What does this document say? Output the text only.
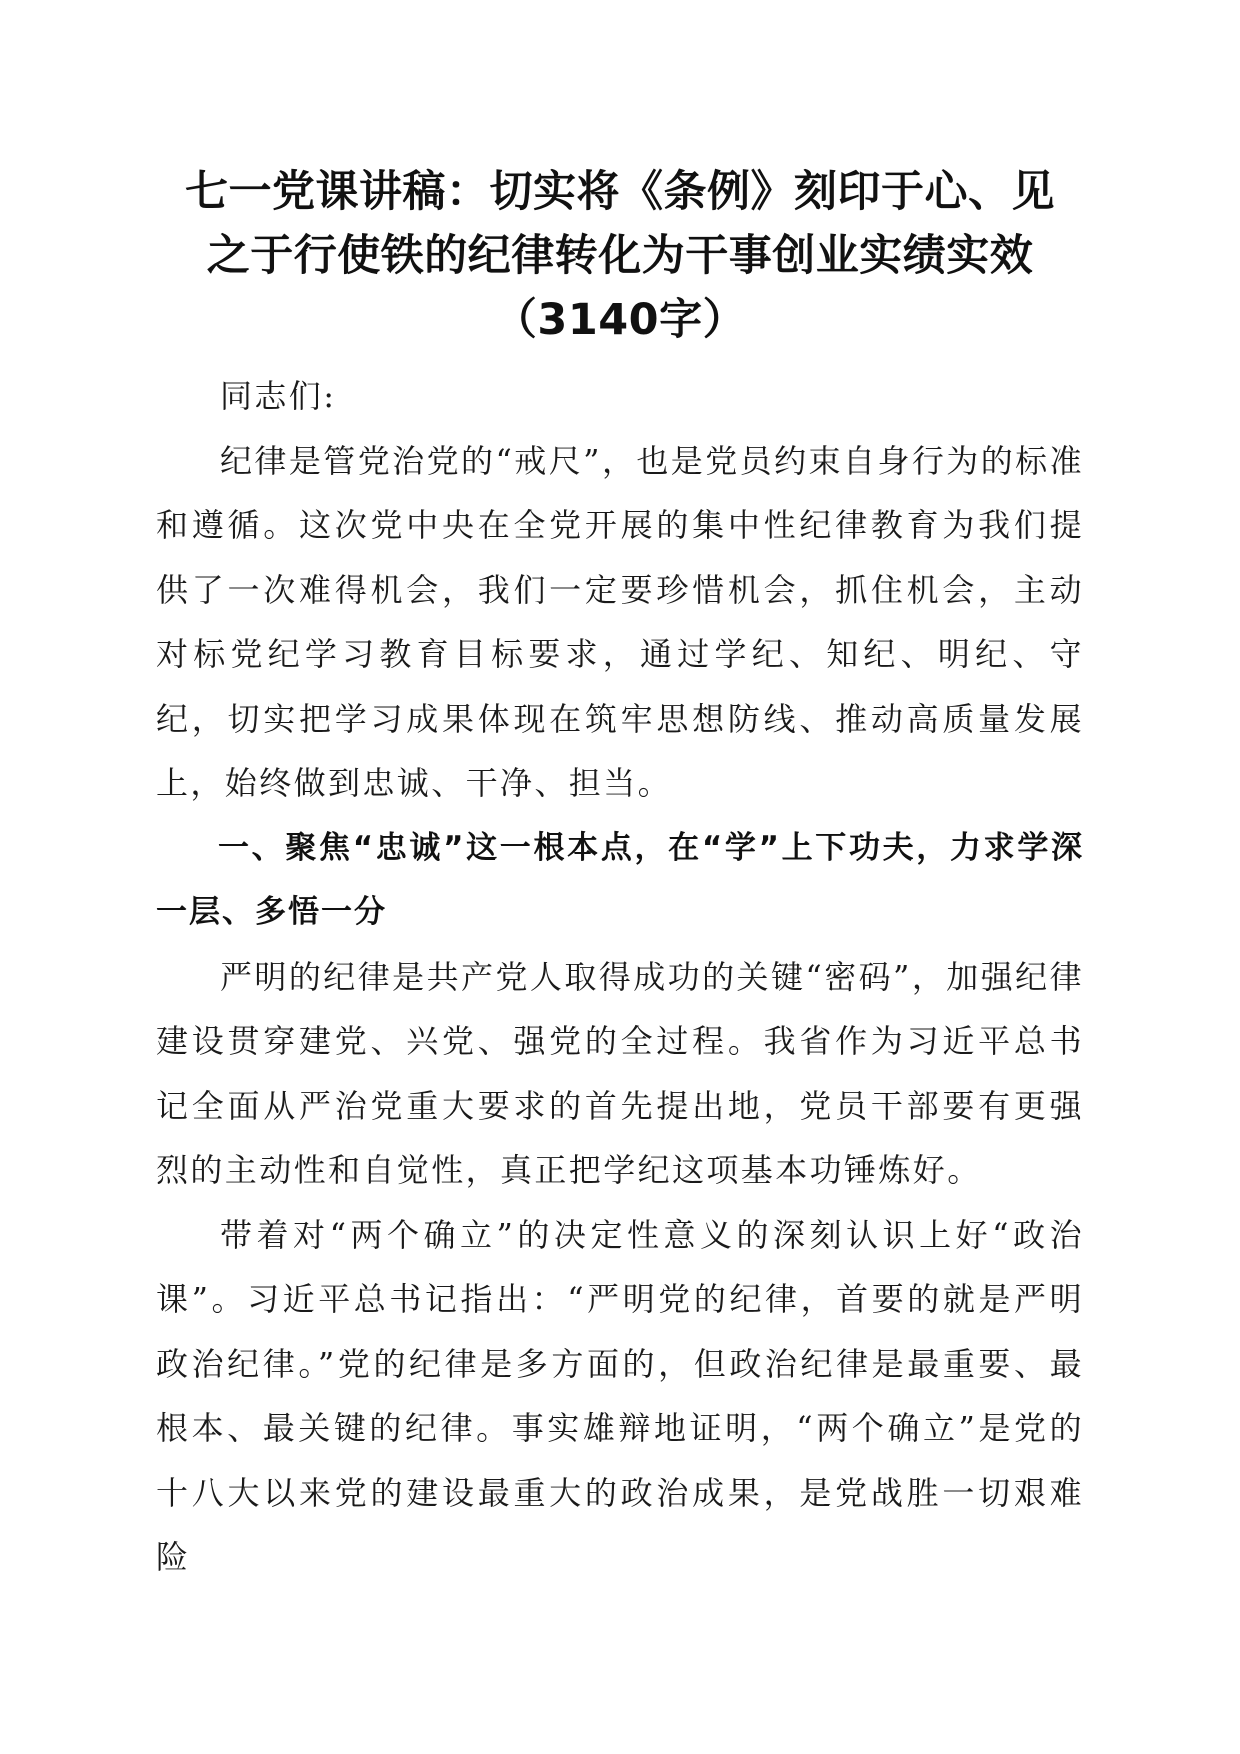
七一党课讲稿：切实将《条例》刻印于心、见
之于行使铁的纪律转化为干事创业实绩实效
（3140字）

同志们:

纪律是管党治党的“戒尺”，也是党员约束自身行为的标准和遵循。这次党中央在全党开展的集中性纪律教育为我们提供了一次难得机会，我们一定要珍惜机会，抓住机会，主动对标党纪学习教育目标要求，通过学纪、知纪、明纪、守纪，切实把学习成果体现在筑牢思想防线、推动高质量发展上，始终做到忠诚、干净、担当。

一、聚焦“忠诚”这一根本点，在“学”上下功夫，力求学深一层、多悟一分

严明的纪律是共产党人取得成功的关键“密码”，加强纪律建设贯穿建党、兴党、强党的全过程。我省作为习近平总书记全面从严治党重大要求的首先提出地，党员干部要有更强烈的主动性和自觉性，真正把学纪这项基本功锤炼好。

带着对“两个确立”的决定性意义的深刻认识上好“政治课”。习近平总书记指出：“严明党的纪律，首要的就是严明政治纪律。”党的纪律是多方面的，但政治纪律是最重要、最根本、最关键的纪律。事实雄辩地证明，“两个确立”是党的十八大以来党的建设最重大的政治成果，是党战胜一切艰难险
